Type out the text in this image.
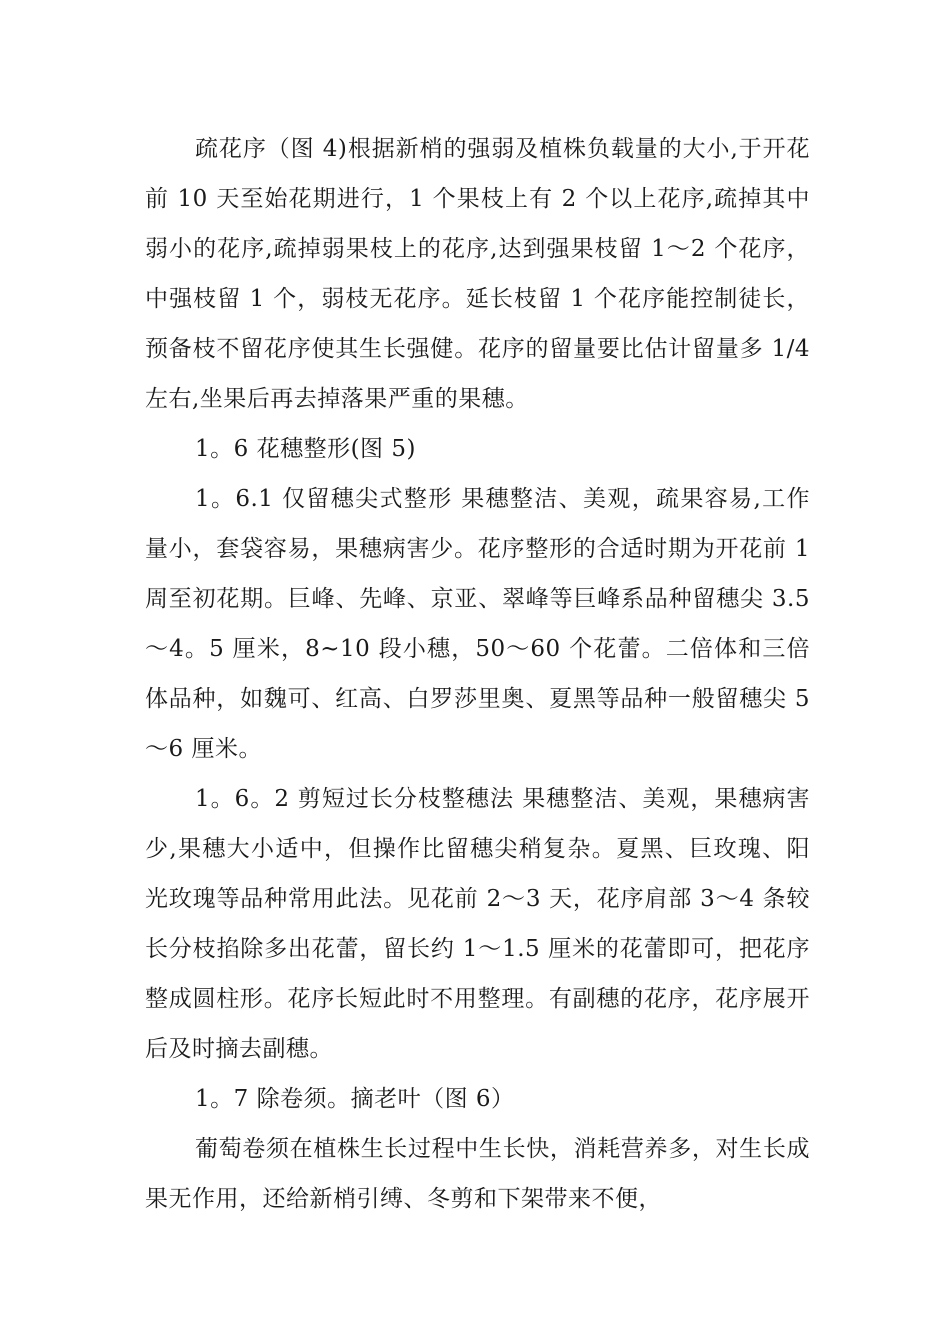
疏花序（图 4)根据新梢的强弱及植株负载量的大小,于开花前 10 天至始花期进行，1 个果枝上有 2 个以上花序,疏掉其中弱小的花序,疏掉弱果枝上的花序,达到强果枝留 1～2 个花序，中强枝留 1 个，弱枝无花序。延长枝留 1 个花序能控制徒长，预备枝不留花序使其生长强健。花序的留量要比估计留量多 1/4 左右,坐果后再去掉落果严重的果穗。

1。6 花穗整形(图 5)

1。6.1 仅留穗尖式整形 果穗整洁、美观，疏果容易,工作量小，套袋容易，果穗病害少。花序整形的合适时期为开花前 1 周至初花期。巨峰、先峰、京亚、翠峰等巨峰系品种留穗尖 3.5～4。5 厘米，8~10 段小穗，50～60 个花蕾。二倍体和三倍体品种，如魏可、红高、白罗莎里奥、夏黑等品种一般留穗尖 5～6 厘米。

1。6。2 剪短过长分枝整穗法 果穗整洁、美观，果穗病害少,果穗大小适中，但操作比留穗尖稍复杂。夏黑、巨玫瑰、阳光玫瑰等品种常用此法。见花前 2～3 天，花序肩部 3～4 条较长分枝掐除多出花蕾，留长约 1～1.5 厘米的花蕾即可，把花序整成圆柱形。花序长短此时不用整理。有副穗的花序，花序展开后及时摘去副穗。

1。7 除卷须。摘老叶（图 6）

葡萄卷须在植株生长过程中生长快，消耗营养多，对生长成果无作用，还给新梢引缚、冬剪和下架带来不便，
